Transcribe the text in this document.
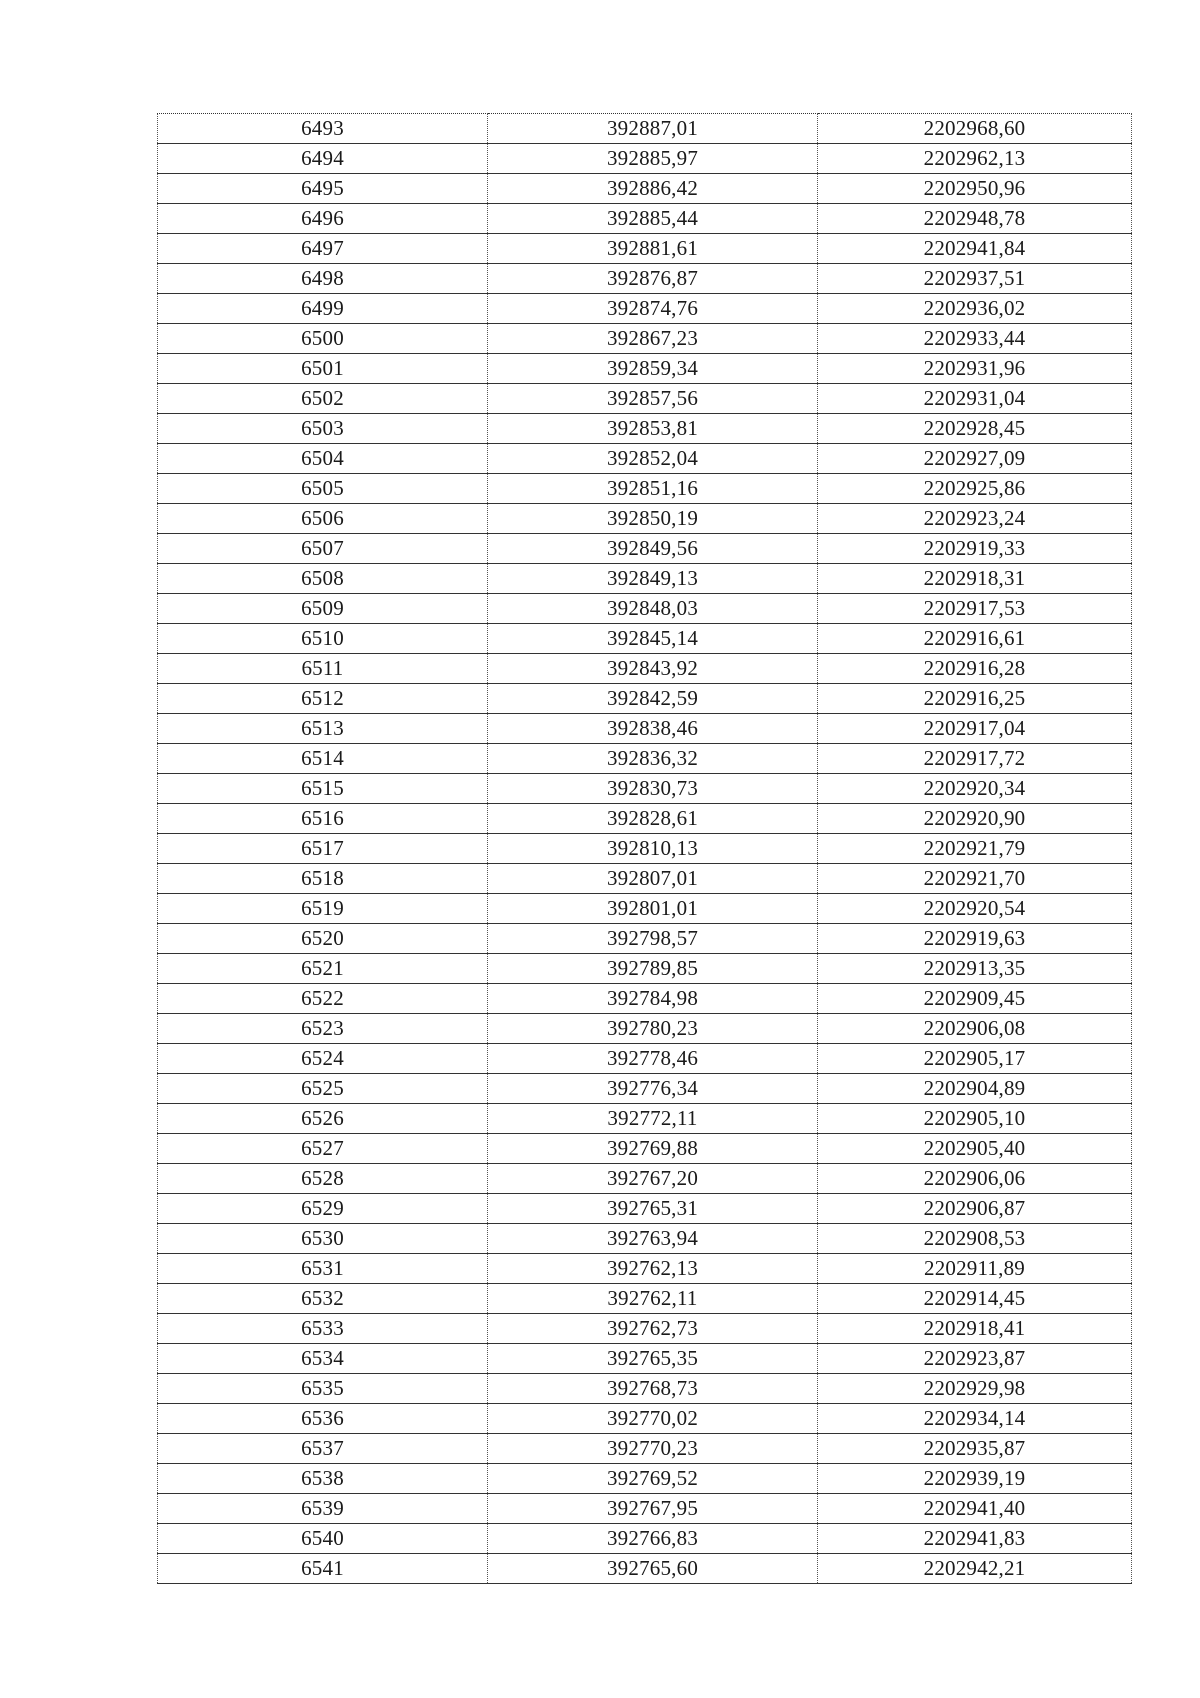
6493	392887,01	2202968,60
6494	392885,97	2202962,13
6495	392886,42	2202950,96
6496	392885,44	2202948,78
6497	392881,61	2202941,84
6498	392876,87	2202937,51
6499	392874,76	2202936,02
6500	392867,23	2202933,44
6501	392859,34	2202931,96
6502	392857,56	2202931,04
6503	392853,81	2202928,45
6504	392852,04	2202927,09
6505	392851,16	2202925,86
6506	392850,19	2202923,24
6507	392849,56	2202919,33
6508	392849,13	2202918,31
6509	392848,03	2202917,53
6510	392845,14	2202916,61
6511	392843,92	2202916,28
6512	392842,59	2202916,25
6513	392838,46	2202917,04
6514	392836,32	2202917,72
6515	392830,73	2202920,34
6516	392828,61	2202920,90
6517	392810,13	2202921,79
6518	392807,01	2202921,70
6519	392801,01	2202920,54
6520	392798,57	2202919,63
6521	392789,85	2202913,35
6522	392784,98	2202909,45
6523	392780,23	2202906,08
6524	392778,46	2202905,17
6525	392776,34	2202904,89
6526	392772,11	2202905,10
6527	392769,88	2202905,40
6528	392767,20	2202906,06
6529	392765,31	2202906,87
6530	392763,94	2202908,53
6531	392762,13	2202911,89
6532	392762,11	2202914,45
6533	392762,73	2202918,41
6534	392765,35	2202923,87
6535	392768,73	2202929,98
6536	392770,02	2202934,14
6537	392770,23	2202935,87
6538	392769,52	2202939,19
6539	392767,95	2202941,40
6540	392766,83	2202941,83
6541	392765,60	2202942,21
